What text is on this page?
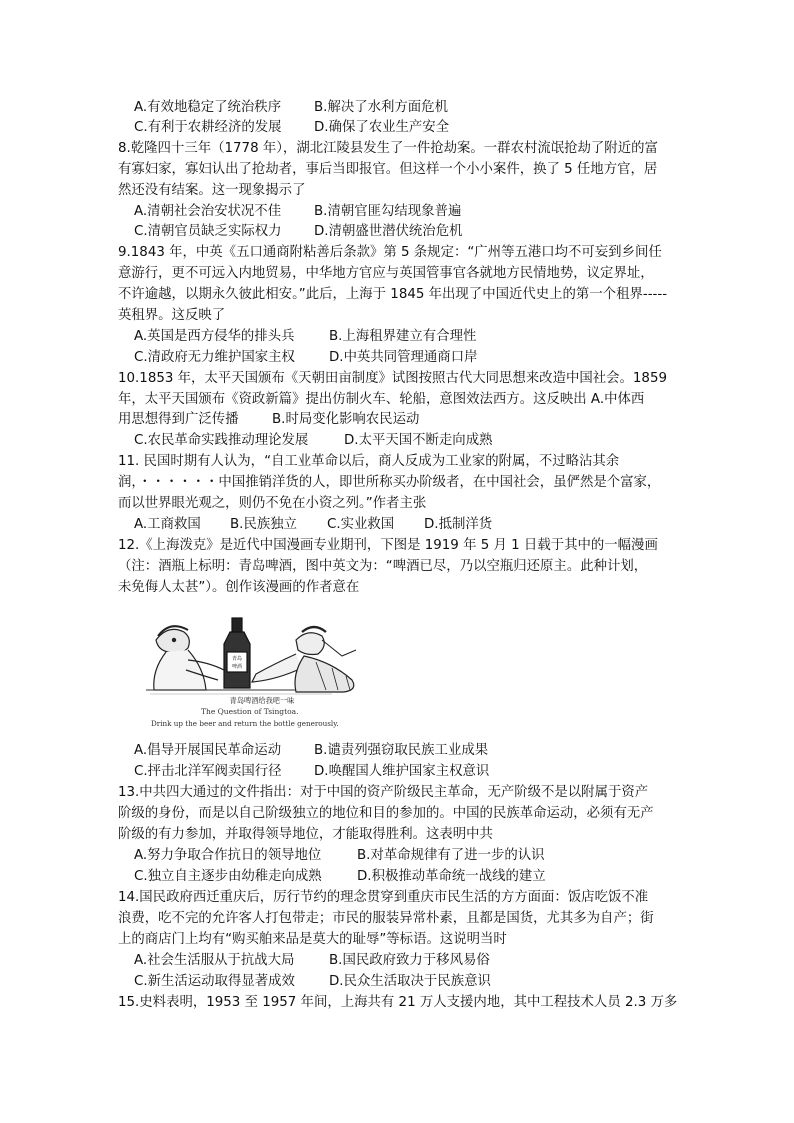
A.有效地稳定了统治秩序 B.解决了水利方面危机
C.有利于农耕经济的发展 D.确保了农业生产安全
8.乾隆四十三年（1778 年），湖北江陵县发生了一件抢劫案。一群农村流氓抢劫了附近的富
有寡妇家，寡妇认出了抢劫者，事后当即报官。但这样一个小小案件，换了 5 任地方官，居
然还没有结案。这一现象揭示了
A.清朝社会治安状况不佳 B.清朝官匪勾结现象普遍
C.清朝官员缺乏实际权力 D.清朝盛世潜伏统治危机
9.1843 年，中英《五口通商附粘善后条款》第 5 条规定：“广州等五港口均不可妄到乡间任
意游行，更不可远入内地贸易，中华地方官应与英国管事官各就地方民情地势，议定界址，
不许逾越，以期永久彼此相安。”此后，上海于 1845 年出现了中国近代史上的第一个租界-----
英租界。这反映了
A.英国是西方侵华的排头兵	B.上海租界建立有合理性
C.清政府无力维护国家主权	D.中英共同管理通商口岸
10.1853 年，太平天国颁布《天朝田亩制度》试图按照古代大同思想来改造中国社会。1859
年，太平天国颁布《资政新篇》提出仿制火车、轮船，意图效法西方。这反映出 A.中体西
用思想得到广泛传播 B.时局变化影响农民运动
C.农民革命实践推动理论发展	D.太平天国不断走向成熟
11. 民国时期有人认为，“自工业革命以后，商人反成为工业家的附属，不过略沾其余
润，・・・・・・中国推销洋货的人，即世所称买办阶级者，在中国社会，虽俨然是个富家，
而以世界眼光观之，则仍不免在小资之列。”作者主张
A.工商救国 B.民族独立 C.实业救国 D.抵制洋货
12.《上海泼克》是近代中国漫画专业期刊，下图是 1919 年 5 月 1 日载于其中的一幅漫画
（注：酒瓶上标明：青岛啤酒，图中英文为：“啤酒已尽，乃以空瓶归还原主。此种计划，
未免侮人太甚”）。创作该漫画的作者意在
青岛
啤酒
青岛啤酒给我吧一味
The Question of Tsingtoa.
Drink up the beer and return the bottle generously.
A.倡导开展国民革命运动 B.谴责列强窃取民族工业成果
C.抨击北洋军阀卖国行径 D.唤醒国人维护国家主权意识
13.中共四大通过的文件指出：对于中国的资产阶级民主革命，无产阶级不是以附属于资产
阶级的身份，而是以自己阶级独立的地位和目的参加的。中国的民族革命运动，必须有无产
阶级的有力参加，并取得领导地位，才能取得胜利。这表明中共
A.努力争取合作抗日的领导地位	B.对革命规律有了进一步的认识
C.独立自主逐步由幼稚走向成熟	D.积极推动革命统一战线的建立
14.国民政府西迁重庆后，厉行节约的理念贯穿到重庆市民生活的方方面面：饭店吃饭不准
浪费，吃不完的允许客人打包带走；市民的服装异常朴素，且都是国货，尤其多为自产；街
上的商店门上均有“购买舶来品是莫大的耻辱”等标语。这说明当时
A.社会生活服从于抗战大局	B.国民政府致力于移风易俗
C.新生活运动取得显著成效	D.民众生活取决于民族意识
15.史料表明，1953 至 1957 年间，上海共有 21 万人支援内地，其中工程技术人员 2.3 万多
